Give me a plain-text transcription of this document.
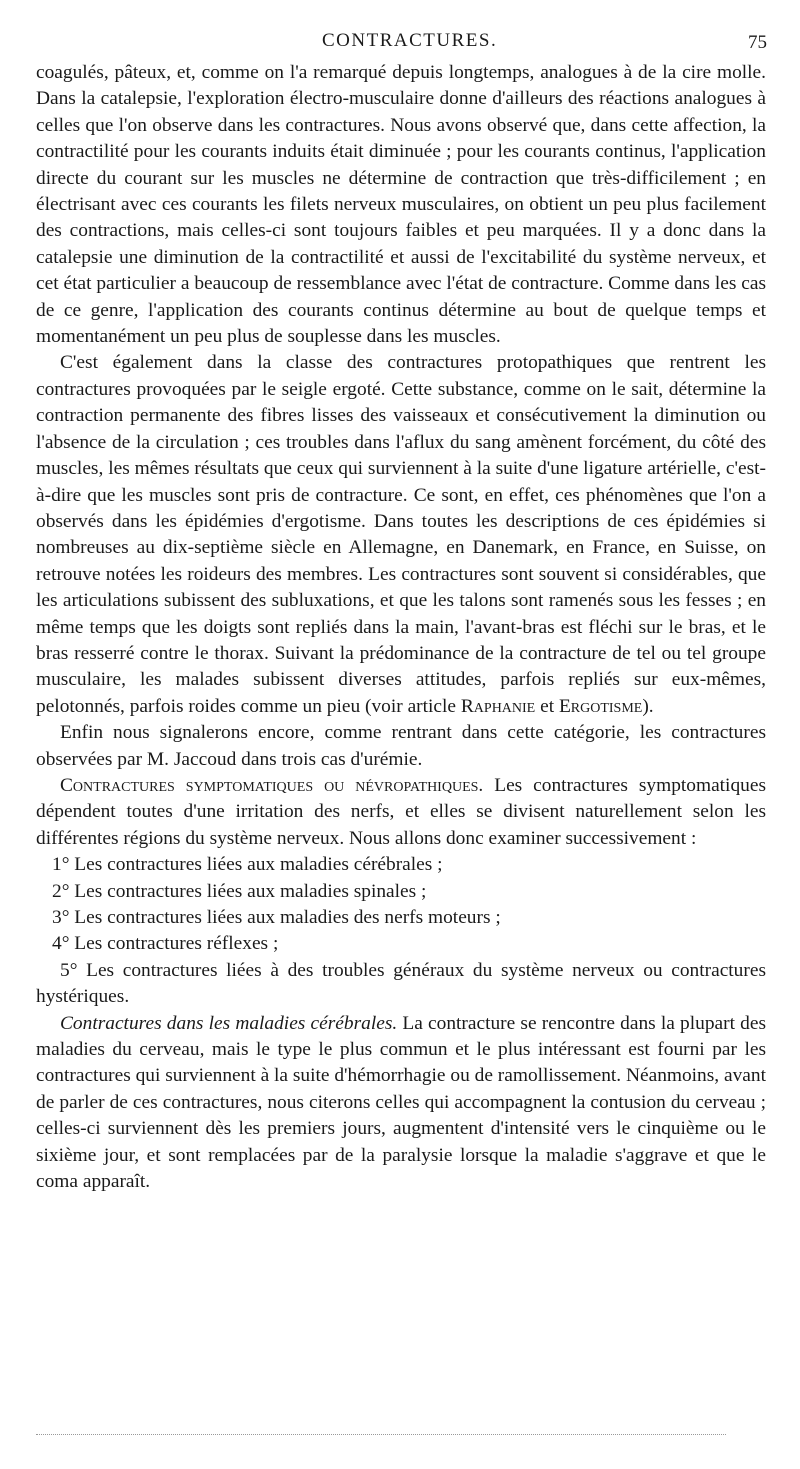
CONTRACTURES.	75

coagulés, pâteux, et, comme on l'a remarqué depuis longtemps, analogues à de la cire molle. Dans la catalepsie, l'exploration électro-musculaire donne d'ailleurs des réactions analogues à celles que l'on observe dans les contractures. Nous avons observé que, dans cette affection, la contractilité pour les courants induits était diminuée ; pour les courants continus, l'application directe du courant sur les muscles ne détermine de contraction que très-difficilement ; en électrisant avec ces courants les filets nerveux musculaires, on obtient un peu plus facilement des contractions, mais celles-ci sont toujours faibles et peu marquées. Il y a donc dans la catalepsie une diminution de la contractilité et aussi de l'excitabilité du système nerveux, et cet état particulier a beaucoup de ressemblance avec l'état de contracture. Comme dans les cas de ce genre, l'application des courants continus détermine au bout de quelque temps et momentanément un peu plus de souplesse dans les muscles.

C'est également dans la classe des contractures protopathiques que rentrent les contractures provoquées par le seigle ergoté. Cette substance, comme on le sait, détermine la contraction permanente des fibres lisses des vaisseaux et consécutivement la diminution ou l'absence de la circulation ; ces troubles dans l'aflux du sang amènent forcément, du côté des muscles, les mêmes résultats que ceux qui surviennent à la suite d'une ligature artérielle, c'est-à-dire que les muscles sont pris de contracture. Ce sont, en effet, ces phénomènes que l'on a observés dans les épidémies d'ergotisme. Dans toutes les descriptions de ces épidémies si nombreuses au dix-septième siècle en Allemagne, en Danemark, en France, en Suisse, on retrouve notées les roideurs des membres. Les contractures sont souvent si considérables, que les articulations subissent des subluxations, et que les talons sont ramenés sous les fesses ; en même temps que les doigts sont repliés dans la main, l'avant-bras est fléchi sur le bras, et le bras resserré contre le thorax. Suivant la prédominance de la contracture de tel ou tel groupe musculaire, les malades subissent diverses attitudes, parfois repliés sur eux-mêmes, pelotonnés, parfois roides comme un pieu (voir article Raphanie et Ergotisme).

Enfin nous signalerons encore, comme rentrant dans cette catégorie, les contractures observées par M. Jaccoud dans trois cas d'urémie.

Contractures symptomatiques ou névropathiques. Les contractures symptomatiques dépendent toutes d'une irritation des nerfs, et elles se divisent naturellement selon les différentes régions du système nerveux. Nous allons donc examiner successivement :

1° Les contractures liées aux maladies cérébrales ;

2° Les contractures liées aux maladies spinales ;

3° Les contractures liées aux maladies des nerfs moteurs ;

4° Les contractures réflexes ;

5° Les contractures liées à des troubles généraux du système nerveux ou contractures hystériques.

Contractures dans les maladies cérébrales. La contracture se rencontre dans la plupart des maladies du cerveau, mais le type le plus commun et le plus intéressant est fourni par les contractures qui surviennent à la suite d'hémorrhagie ou de ramollissement. Néanmoins, avant de parler de ces contractures, nous citerons celles qui accompagnent la contusion du cerveau ; celles-ci surviennent dès les premiers jours, augmentent d'intensité vers le cinquième ou le sixième jour, et sont remplacées par de la paralysie lorsque la maladie s'aggrave et que le coma apparaît.
